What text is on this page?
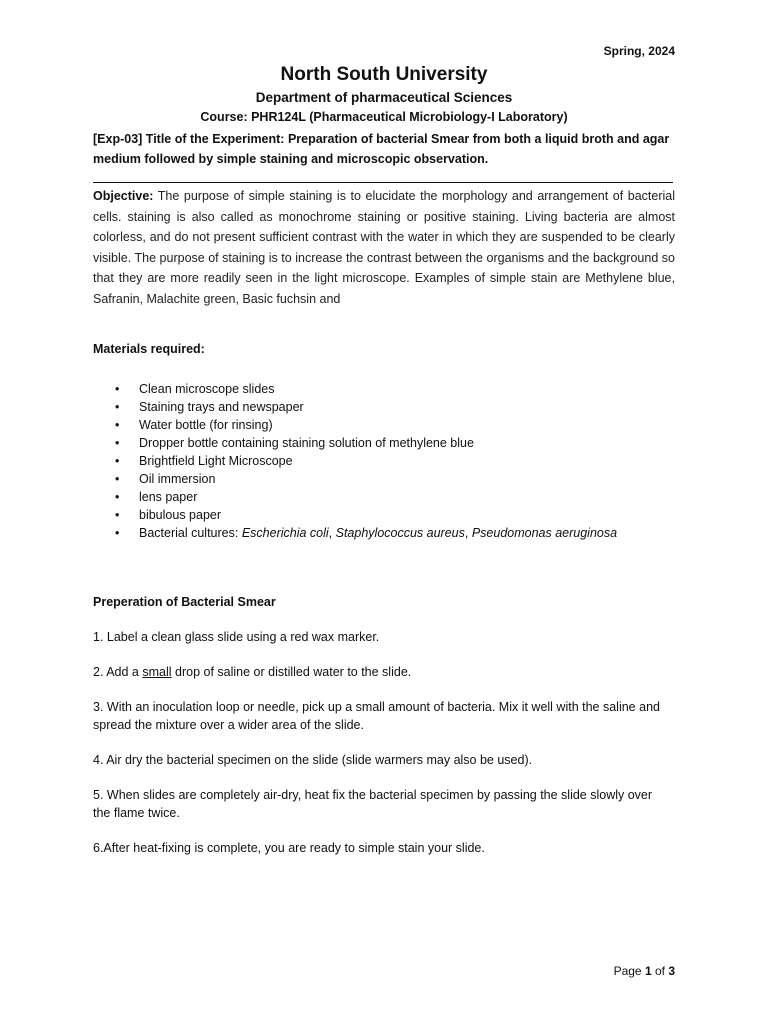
Spring, 2024
North South University
Department of pharmaceutical Sciences
Course: PHR124L (Pharmaceutical Microbiology-I Laboratory)
[Exp-03] Title of the Experiment: Preparation of bacterial Smear from both a liquid broth and agar medium followed by simple staining and microscopic observation.
Objective: The purpose of simple staining is to elucidate the morphology and arrangement of bacterial cells. staining is also called as monochrome staining or positive staining. Living bacteria are almost colorless, and do not present sufficient contrast with the water in which they are suspended to be clearly visible. The purpose of staining is to increase the contrast between the organisms and the background so that they are more readily seen in the light microscope. Examples of simple stain are Methylene blue, Safranin, Malachite green, Basic fuchsin and
Materials required:
• Clean microscope slides
• Staining trays and newspaper
• Water bottle (for rinsing)
• Dropper bottle containing staining solution of methylene blue
• Brightfield Light Microscope
• Oil immersion
• lens paper
• bibulous paper
• Bacterial cultures: Escherichia coli, Staphylococcus aureus, Pseudomonas aeruginosa
Preperation of Bacterial Smear
1. Label a clean glass slide using a red wax marker.
2. Add a small drop of saline or distilled water to the slide.
3. With an inoculation loop or needle, pick up a small amount of bacteria. Mix it well with the saline and spread the mixture over a wider area of the slide.
4. Air dry the bacterial specimen on the slide (slide warmers may also be used).
5. When slides are completely air-dry, heat fix the bacterial specimen by passing the slide slowly over the flame twice.
6.After heat-fixing is complete, you are ready to simple stain your slide.
Page 1 of 3
